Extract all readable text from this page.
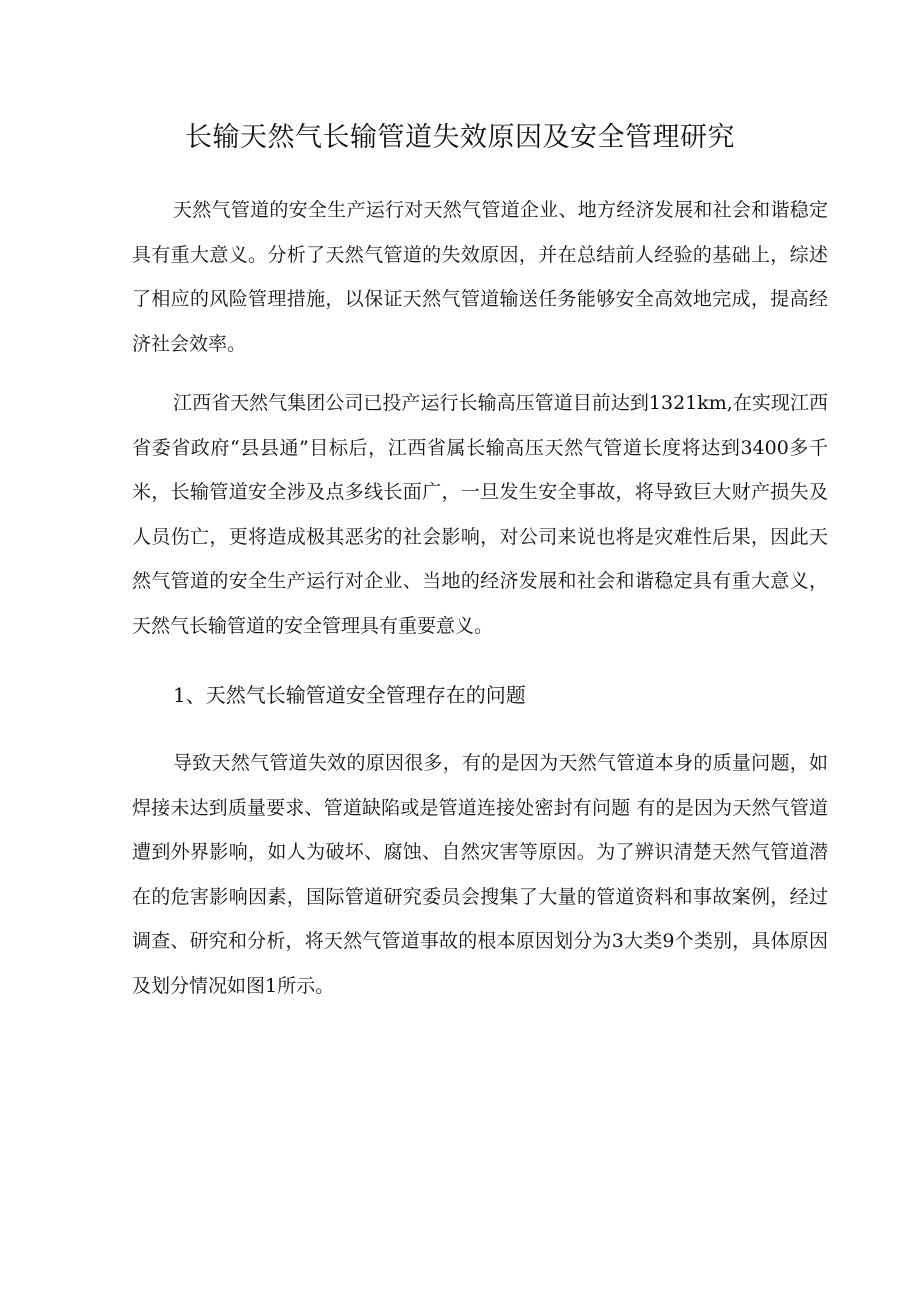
长输天然气长输管道失效原因及安全管理研究

天然气管道的安全生产运行对天然气管道企业、地方经济发展和社会和谐稳定具有重大意义。分析了天然气管道的失效原因，并在总结前人经验的基础上，综述了相应的风险管理措施，以保证天然气管道输送任务能够安全高效地完成，提高经济社会效率。

江西省天然气集团公司已投产运行长输高压管道目前达到1321km,在实现江西省委省政府“县县通”目标后，江西省属长输高压天然气管道长度将达到3400多千米，长输管道安全涉及点多线长面广，一旦发生安全事故，将导致巨大财产损失及人员伤亡，更将造成极其恶劣的社会影响，对公司来说也将是灾难性后果，因此天然气管道的安全生产运行对企业、当地的经济发展和社会和谐稳定具有重大意义，天然气长输管道的安全管理具有重要意义。

1、天然气长输管道安全管理存在的问题

导致天然气管道失效的原因很多，有的是因为天然气管道本身的质量问题，如焊接未达到质量要求、管道缺陷或是管道连接处密封有问题 有的是因为天然气管道遭到外界影响，如人为破坏、腐蚀、自然灾害等原因。为了辨识清楚天然气管道潜在的危害影响因素，国际管道研究委员会搜集了大量的管道资料和事故案例，经过调查、研究和分析，将天然气管道事故的根本原因划分为3大类9个类别，具体原因及划分情况如图1所示。
